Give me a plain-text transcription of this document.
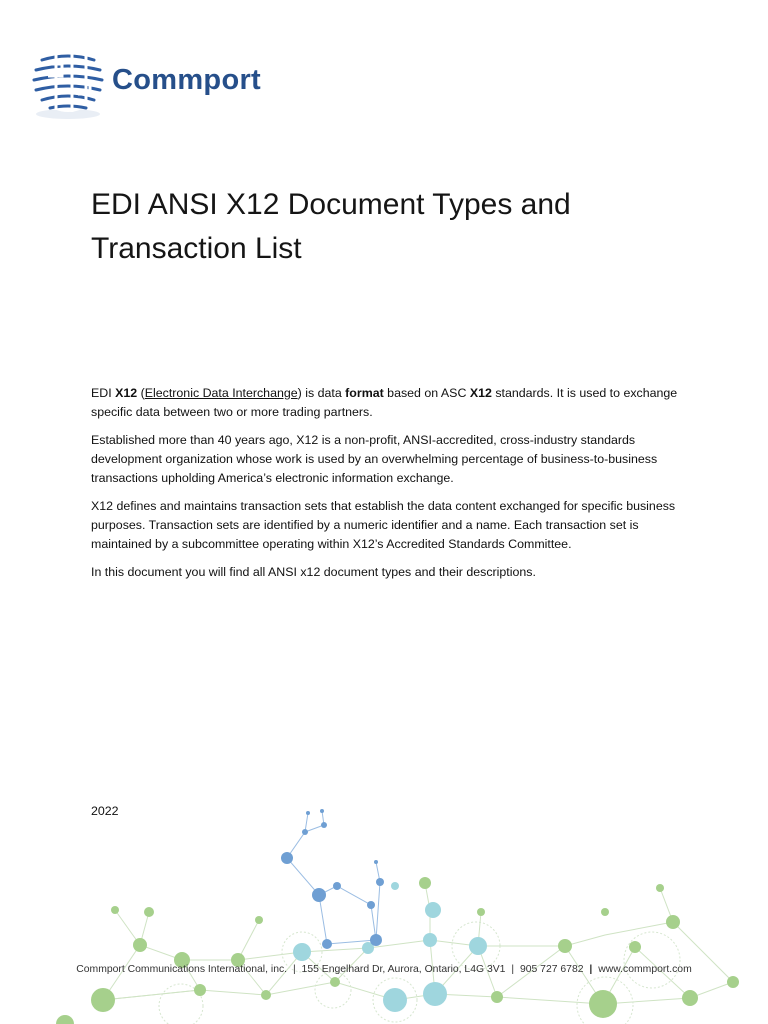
Commport
EDI ANSI X12 Document Types and
Transaction List

EDI X12 (Electronic Data Interchange) is data format based on ASC X12 standards. It is used to exchange specific data between two or more trading partners.

Established more than 40 years ago, X12 is a non-profit, ANSI-accredited, cross-industry standards development organization whose work is used by an overwhelming percentage of business-to-business transactions upholding America’s electronic information exchange.

X12 defines and maintains transaction sets that establish the data content exchanged for specific business purposes. Transaction sets are identified by a numeric identifier and a name. Each transaction set is maintained by a subcommittee operating within X12’s Accredited Standards Committee.

In this document you will find all ANSI x12 document types and their descriptions.

2022
Commport Communications International, inc. | 155 Engelhard Dr, Aurora, Ontario, L4G 3V1 | 905 727 6782 | www.commport.com
